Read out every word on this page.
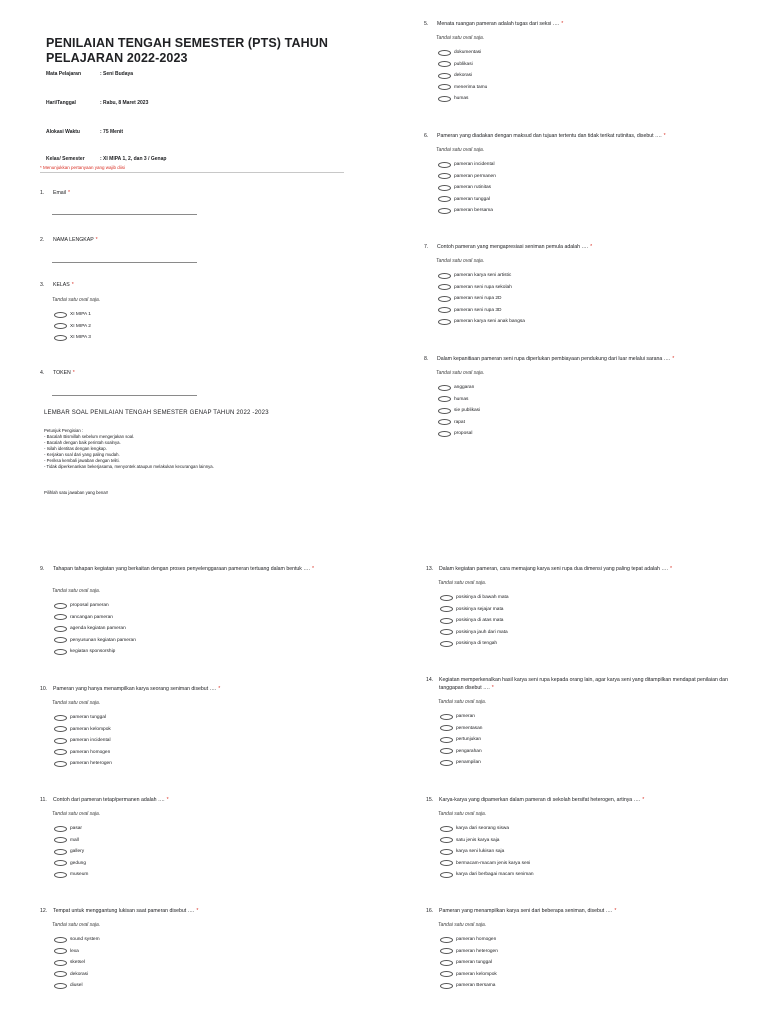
PENILAIAN TENGAH SEMESTER (PTS) TAHUN PELAJARAN 2022-2023
Mata Pelajaran	: Seni Budaya
Hari/Tanggal	: Rabu, 8 Maret 2023
Alokasi Waktu	: 75 Menit
Kelas/ Semester	: XI MIPA 1, 2, dan 3 / Genap
* Menunjukkan pertanyaan yang wajib diisi
1. Email *
2. NAMA LENGKAP *
3. KELAS *
Tandai satu oval saja.
XI MIPA 1
XI MIPA 2
XI MIPA 3
4. TOKEN *
LEMBAR SOAL PENILAIAN TENGAH SEMESTER GENAP TAHUN 2022 -2023
Petunjuk Pengisian :
- Bacalah Bismillah sebelum mengerjakan soal.
- Bacalah dengan baik perintah soalnya.
- Isilah identitas dengan lengkap.
- Kerjakan soal dari yang paling mudah.
- Periksa kembali jawaban dengan teliti.
- Tidak diperkenankan bekerjasama, menyontek ataupun melakukan kecurangan lainnya.
Pilihlah satu jawaban yang benar!
5. Menata ruangan pameran adalah tugas dari seksi …. *
Tandai satu oval saja.
dokumentasi
publikasi
dekorasi
menerima tamu
humas
6. Pameran yang diadakan dengan maksud dan tujuan tertentu dan tidak terikat rutinitas, disebut …. *
Tandai satu oval saja.
pameran incidental
pameran permanen
pameran rutinitas
pameran tunggal
pameran bersama
7. Contoh pameran yang mengapresiasi seniman pemula adalah …. *
Tandai satu oval saja.
pameran karya seni artistic
pameran seni rupa sekolah
pameran seni rupa 2D
pameran seni rupa 3D
pameran karya seni anak bangsa
8. Dalam kepanitiaan pameran seni rupa diperlukan pembiayaan pendukung dari luar melalui sarana …. *
Tandai satu oval saja.
anggaran
humas
sie publikasi
rapat
proposal
9. Tahapan tahapan kegiatan yang berkaitan dengan proses penyelenggaraan pameran tertuang dalam bentuk …. *
Tandai satu oval saja.
proposal pameran
rancangan pameran
agenda kegiatan pameran
penyusunan kegiatan pameran
kegiatan sponsorship
10. Pameran yang hanya menampilkan karya seorang seniman disebut …. *
Tandai satu oval saja.
pameran tunggal
pameran kelompok
pameran incidental
pameran homogen
pameran heterogen
11. Contoh dari pameran tetap/permanen adalah …. *
Tandai satu oval saja.
pasar
mall
gallery
gedung
museum
12. Tempat untuk menggantung lukisan saat pameran disebut …. *
Tandai satu oval saja.
sound system
lexa
sketsel
dekorasi
diusel
13. Dalam kegiatan pameran, cara memajang karya seni rupa dua dimensi yang paling tepat adalah …. *
Tandai satu oval saja.
posisinya di bawah mata
posisinya sejajar mata
posisinya di atas mata
posisinya jauh dari mata
posisinya di tengah
14. Kegiatan memperkenalkan hasil karya seni rupa kepada orang lain, agar karya seni yang ditampilkan mendapat penilaian dan tanggapan disebut …. *
Tandai satu oval saja.
pameran
pementasan
pertunjukan
pengarahan
penampilan
15. Karya-karya yang dipamerkan dalam pameran di sekolah bersifat heterogen, artinya …. *
Tandai satu oval saja.
karya dari seorang siswa
satu jenis karya saja
karya seni lukisan saja
bermacam-macam jenis karya seni
karya dari berbagai macam seniman
16. Pameran yang menampilkan karya seni dari beberapa seniman, disebut …. *
Tandai satu oval saja.
pameran homogen
pameran heterogen
pameran tunggal
pameran kelompok
pameran Bersama
